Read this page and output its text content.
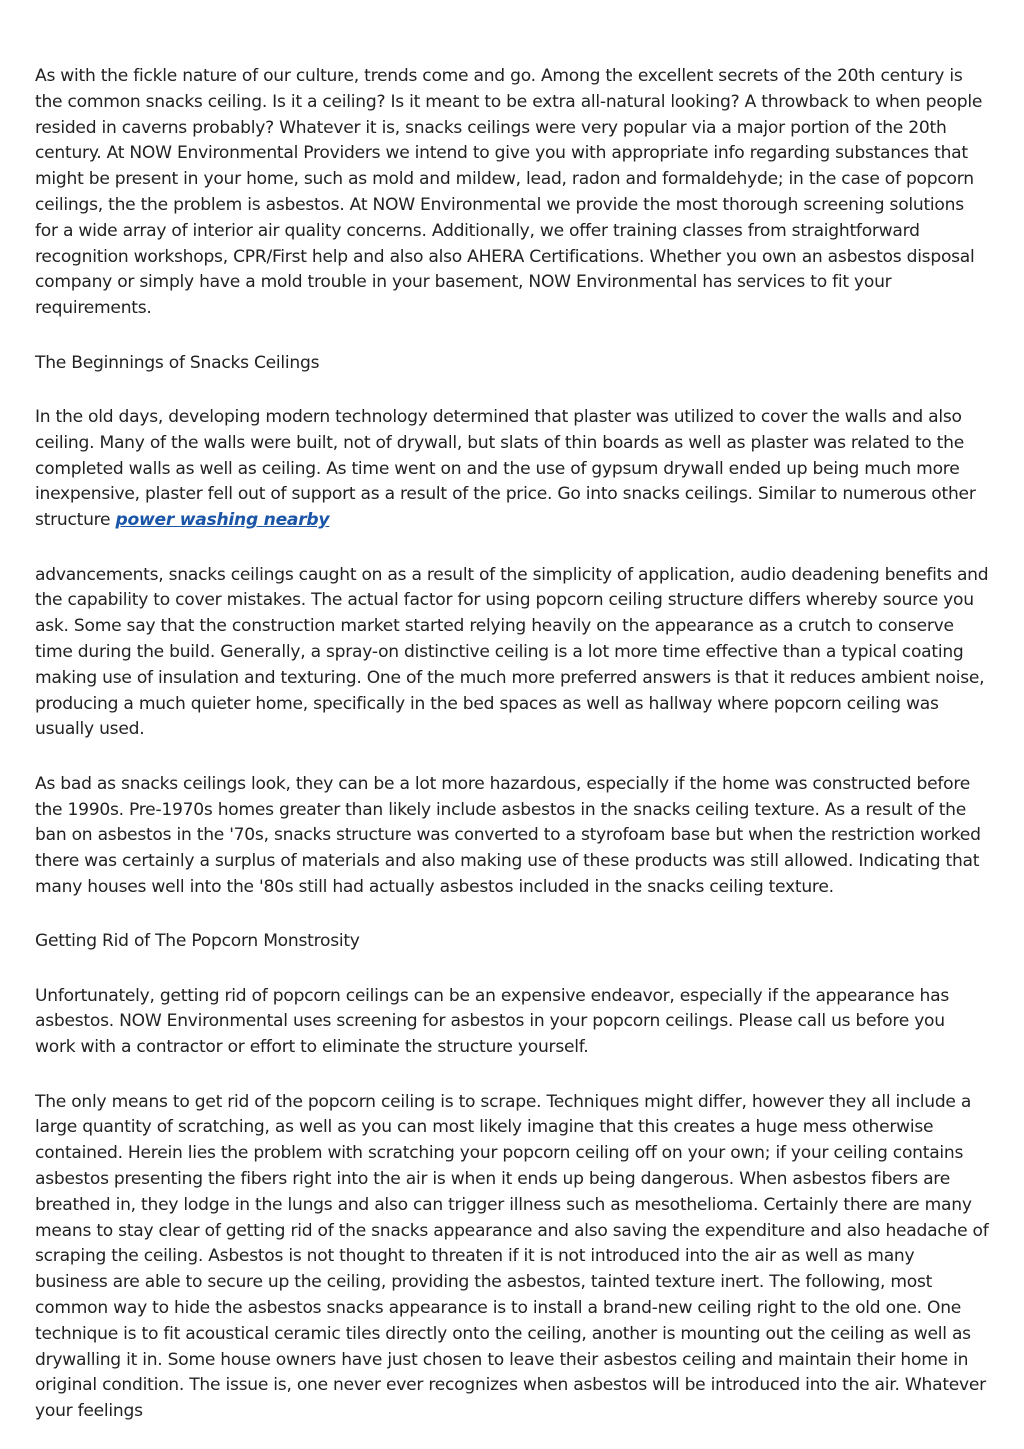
As with the fickle nature of our culture, trends come and go. Among the excellent secrets of the 20th century is the common snacks ceiling. Is it a ceiling? Is it meant to be extra all-natural looking? A throwback to when people resided in caverns probably? Whatever it is, snacks ceilings were very popular via a major portion of the 20th century. At NOW Environmental Providers we intend to give you with appropriate info regarding substances that might be present in your home, such as mold and mildew, lead, radon and formaldehyde; in the case of popcorn ceilings, the the problem is asbestos. At NOW Environmental we provide the most thorough screening solutions for a wide array of interior air quality concerns. Additionally, we offer training classes from straightforward recognition workshops, CPR/First help and also also AHERA Certifications. Whether you own an asbestos disposal company or simply have a mold trouble in your basement, NOW Environmental has services to fit your requirements.

The Beginnings of Snacks Ceilings

In the old days, developing modern technology determined that plaster was utilized to cover the walls and also ceiling. Many of the walls were built, not of drywall, but slats of thin boards as well as plaster was related to the completed walls as well as ceiling. As time went on and the use of gypsum drywall ended up being much more inexpensive, plaster fell out of support as a result of the price. Go into snacks ceilings. Similar to numerous other structure power washing nearby

advancements, snacks ceilings caught on as a result of the simplicity of application, audio deadening benefits and the capability to cover mistakes. The actual factor for using popcorn ceiling structure differs whereby source you ask. Some say that the construction market started relying heavily on the appearance as a crutch to conserve time during the build. Generally, a spray-on distinctive ceiling is a lot more time effective than a typical coating making use of insulation and texturing. One of the much more preferred answers is that it reduces ambient noise, producing a much quieter home, specifically in the bed spaces as well as hallway where popcorn ceiling was usually used.

As bad as snacks ceilings look, they can be a lot more hazardous, especially if the home was constructed before the 1990s. Pre-1970s homes greater than likely include asbestos in the snacks ceiling texture. As a result of the ban on asbestos in the '70s, snacks structure was converted to a styrofoam base but when the restriction worked there was certainly a surplus of materials and also making use of these products was still allowed. Indicating that many houses well into the '80s still had actually asbestos included in the snacks ceiling texture.

Getting Rid of The Popcorn Monstrosity

Unfortunately, getting rid of popcorn ceilings can be an expensive endeavor, especially if the appearance has asbestos. NOW Environmental uses screening for asbestos in your popcorn ceilings. Please call us before you work with a contractor or effort to eliminate the structure yourself.

The only means to get rid of the popcorn ceiling is to scrape. Techniques might differ, however they all include a large quantity of scratching, as well as you can most likely imagine that this creates a huge mess otherwise contained. Herein lies the problem with scratching your popcorn ceiling off on your own; if your ceiling contains asbestos presenting the fibers right into the air is when it ends up being dangerous. When asbestos fibers are breathed in, they lodge in the lungs and also can trigger illness such as mesothelioma. Certainly there are many means to stay clear of getting rid of the snacks appearance and also saving the expenditure and also headache of scraping the ceiling. Asbestos is not thought to threaten if it is not introduced into the air as well as many business are able to secure up the ceiling, providing the asbestos, tainted texture inert. The following, most common way to hide the asbestos snacks appearance is to install a brand-new ceiling right to the old one. One technique is to fit acoustical ceramic tiles directly onto the ceiling, another is mounting out the ceiling as well as drywalling it in. Some house owners have just chosen to leave their asbestos ceiling and maintain their home in original condition. The issue is, one never ever recognizes when asbestos will be introduced into the air. Whatever your feelings
